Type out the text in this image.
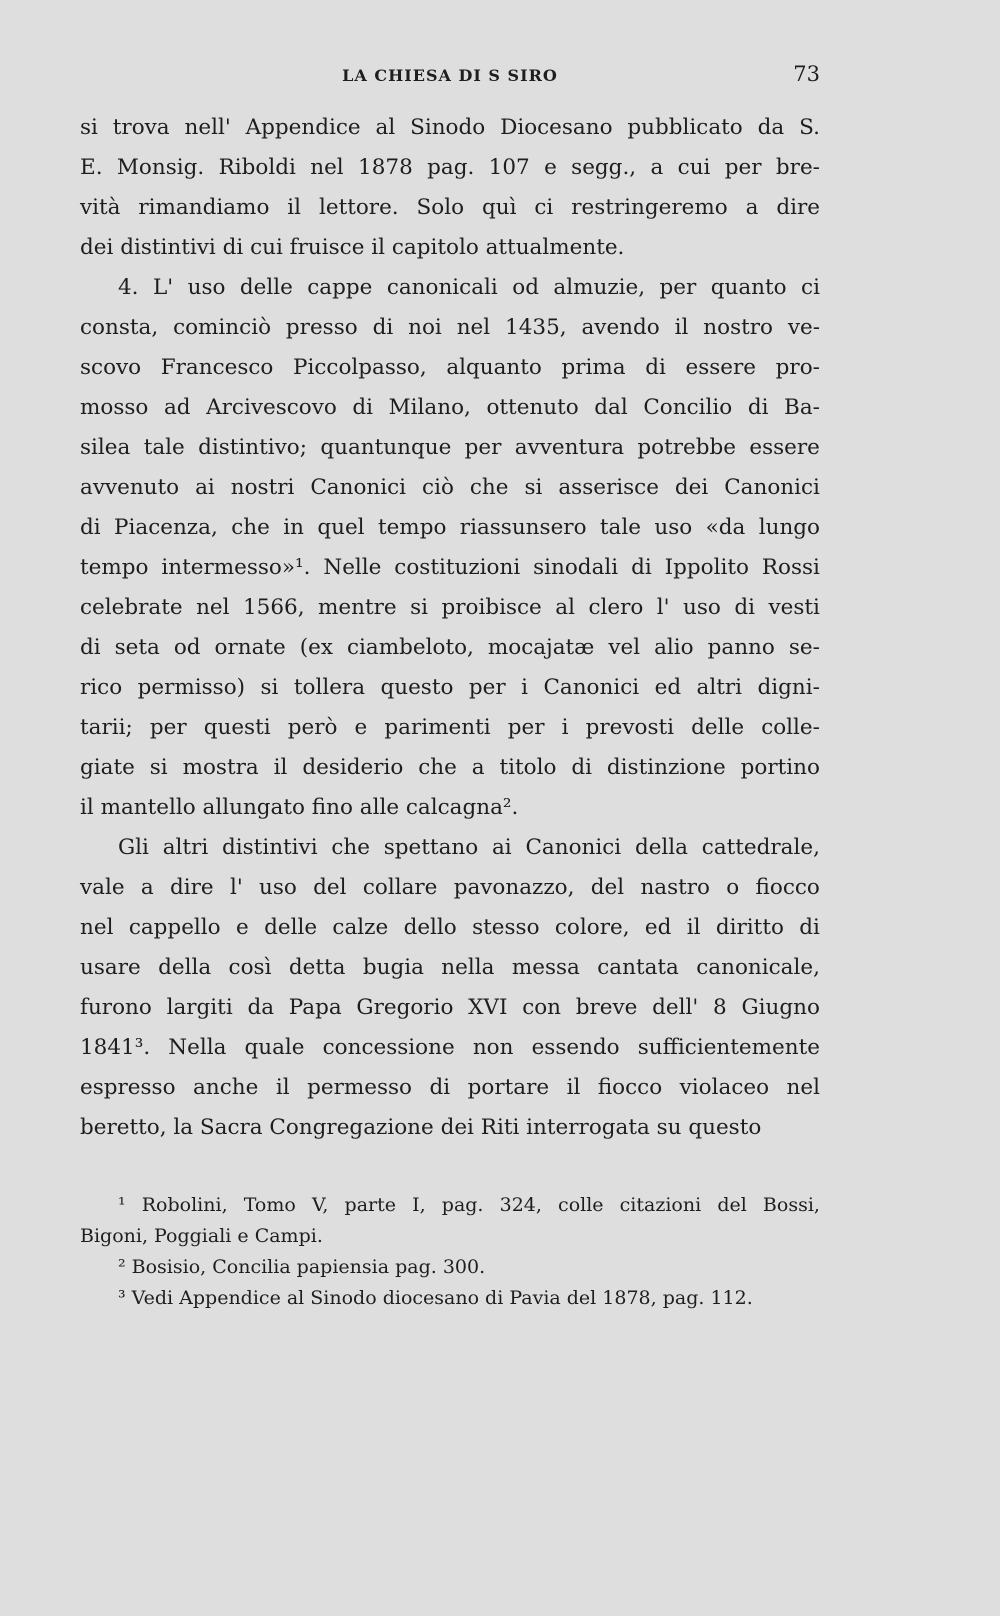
LA CHIESA DI S SIRO	73
si trova nell' Appendice al Sinodo Diocesano pubblicato da S.
E. Monsig. Riboldi nel 1878 pag. 107 e segg., a cui per bre-
vità rimandiamo il lettore. Solo quì ci restringeremo a dire
dei distintivi di cui fruisce il capitolo attualmente.
4. L' uso delle cappe canonicali od almuzie, per quanto ci
consta, cominciò presso di noi nel 1435, avendo il nostro ve-
scovo Francesco Piccolpasso, alquanto prima di essere pro-
mosso ad Arcivescovo di Milano, ottenuto dal Concilio di Ba-
silea tale distintivo; quantunque per avventura potrebbe essere
avvenuto ai nostri Canonici ciò che si asserisce dei Canonici
di Piacenza, che in quel tempo riassunsero tale uso «da lungo
tempo intermesso»¹. Nelle costituzioni sinodali di Ippolito Rossi
celebrate nel 1566, mentre si proibisce al clero l' uso di vesti
di seta od ornate (ex ciambeloto, mocajatæ vel alio panno se-
rico permisso) si tollera questo per i Canonici ed altri digni-
tarii; per questi però e parimenti per i prevosti delle colle-
giate si mostra il desiderio che a titolo di distinzione portino
il mantello allungato fino alle calcagna².
Gli altri distintivi che spettano ai Canonici della cattedrale,
vale a dire l' uso del collare pavonazzo, del nastro o fiocco
nel cappello e delle calze dello stesso colore, ed il diritto di
usare della così detta bugia nella messa cantata canonicale,
furono largiti da Papa Gregorio XVI con breve dell' 8 Giugno
1841³. Nella quale concessione non essendo sufficientemente
espresso anche il permesso di portare il fiocco violaceo nel
beretto, la Sacra Congregazione dei Riti interrogata su questo
¹ Robolini, Tomo V, parte I, pag. 324, colle citazioni del Bossi,
Bigoni, Poggiali e Campi.
² Bosisio, Concilia papiensia pag. 300.
³ Vedi Appendice al Sinodo diocesano di Pavia del 1878, pag. 112.
